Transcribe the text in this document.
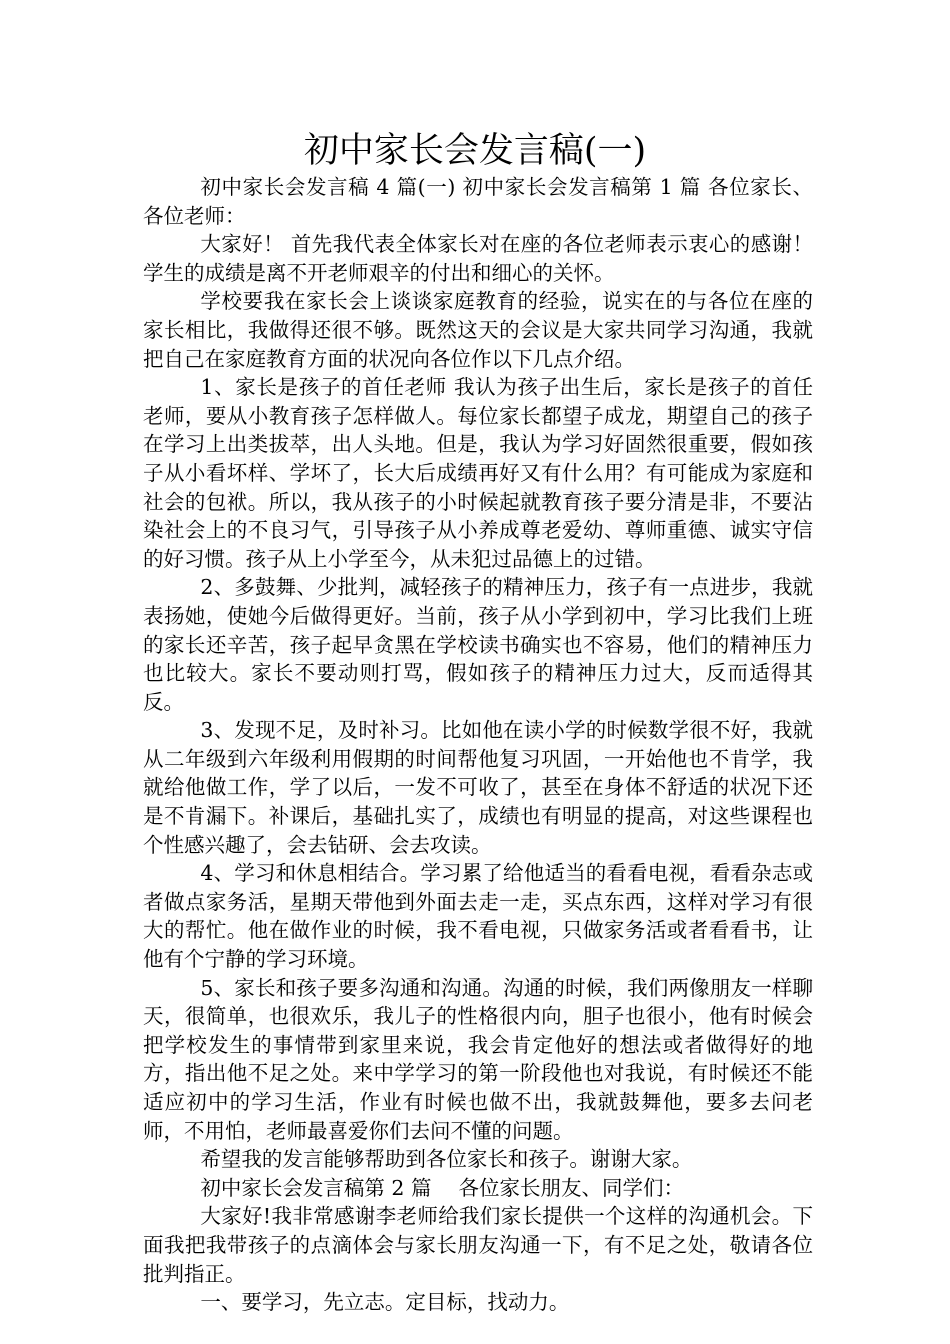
初中家长会发言稿(一)

初中家长会发言稿 4 篇(一) 初中家长会发言稿第 1 篇 各位家长、各位老师：

大家好！ 首先我代表全体家长对在座的各位老师表示衷心的感谢！学生的成绩是离不开老师艰辛的付出和细心的关怀。

学校要我在家长会上谈谈家庭教育的经验，说实在的与各位在座的家长相比，我做得还很不够。既然这天的会议是大家共同学习沟通，我就把自己在家庭教育方面的状况向各位作以下几点介绍。

1、家长是孩子的首任老师 我认为孩子出生后，家长是孩子的首任老师，要从小教育孩子怎样做人。每位家长都望子成龙，期望自己的孩子在学习上出类拔萃，出人头地。但是，我认为学习好固然很重要，假如孩子从小看坏样、学坏了，长大后成绩再好又有什么用？有可能成为家庭和社会的包袱。所以，我从孩子的小时候起就教育孩子要分清是非，不要沾染社会上的不良习气，引导孩子从小养成尊老爱幼、尊师重德、诚实守信的好习惯。孩子从上小学至今，从未犯过品德上的过错。

2、多鼓舞、少批判，减轻孩子的精神压力，孩子有一点进步，我就表扬她，使她今后做得更好。当前，孩子从小学到初中，学习比我们上班的家长还辛苦，孩子起早贪黑在学校读书确实也不容易，他们的精神压力也比较大。家长不要动则打骂，假如孩子的精神压力过大，反而适得其反。

3、发现不足，及时补习。比如他在读小学的时候数学很不好，我就从二年级到六年级利用假期的时间帮他复习巩固，一开始他也不肯学，我就给他做工作，学了以后，一发不可收了，甚至在身体不舒适的状况下还是不肯漏下。补课后，基础扎实了，成绩也有明显的提高，对这些课程也个性感兴趣了，会去钻研、会去攻读。

4、学习和休息相结合。学习累了给他适当的看看电视，看看杂志或者做点家务活，星期天带他到外面去走一走，买点东西，这样对学习有很大的帮忙。他在做作业的时候，我不看电视，只做家务活或者看看书，让他有个宁静的学习环境。

5、家长和孩子要多沟通和沟通。沟通的时候，我们两像朋友一样聊天，很简单，也很欢乐，我儿子的性格很内向，胆子也很小，他有时候会把学校发生的事情带到家里来说，我会肯定他好的想法或者做得好的地方，指出他不足之处。来中学学习的第一阶段他也对我说，有时候还不能适应初中的学习生活，作业有时候也做不出，我就鼓舞他，要多去问老师，不用怕，老师最喜爱你们去问不懂的问题。

希望我的发言能够帮助到各位家长和孩子。谢谢大家。

初中家长会发言稿第 2 篇　 各位家长朋友、同学们：

大家好!我非常感谢李老师给我们家长提供一个这样的沟通机会。下面我把我带孩子的点滴体会与家长朋友沟通一下，有不足之处，敬请各位批判指正。

一、要学习，先立志。定目标，找动力。
